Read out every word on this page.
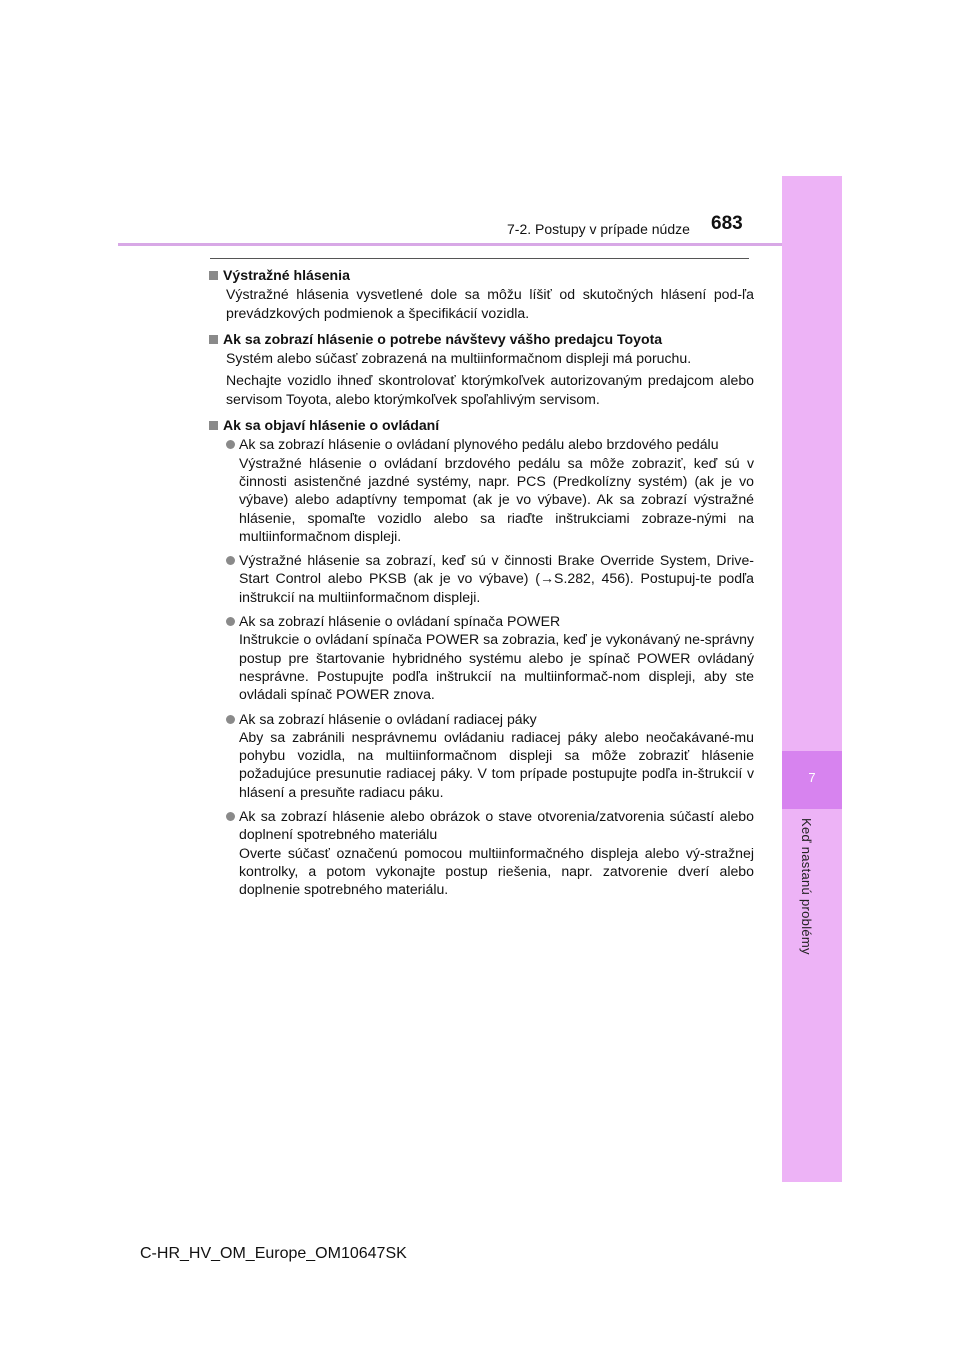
7
Keď nastanú problémy
7-2. Postupy v prípade núdze 683
Výstražné hlásenia
Výstražné hlásenia vysvetlené dole sa môžu líšiť od skutočných hlásení pod-ľa prevádzkových podmienok a špecifikácií vozidla.
Ak sa zobrazí hlásenie o potrebe návštevy vášho predajcu Toyota
Systém alebo súčasť zobrazená na multiinformačnom displeji má poruchu.
Nechajte vozidlo ihneď skontrolovať ktorýmkoľvek autorizovaným predajcom alebo servisom Toyota, alebo ktorýmkoľvek spoľahlivým servisom.
Ak sa objaví hlásenie o ovládaní
Ak sa zobrazí hlásenie o ovládaní plynového pedálu alebo brzdového pedálu
Výstražné hlásenie o ovládaní brzdového pedálu sa môže zobraziť, keď sú v činnosti asistenčné jazdné systémy, napr. PCS (Predkolízny systém) (ak je vo výbave) alebo adaptívny tempomat (ak je vo výbave). Ak sa zobrazí výstražné hlásenie, spomaľte vozidlo alebo sa riaďte inštrukciami zobraze-nými na multiinformačnom displeji.
Výstražné hlásenie sa zobrazí, keď sú v činnosti Brake Override System, Drive-Start Control alebo PKSB (ak je vo výbave) (→S.282, 456). Postupuj-te podľa inštrukcií na multiinformačnom displeji.
Ak sa zobrazí hlásenie o ovládaní spínača POWER
Inštrukcie o ovládaní spínača POWER sa zobrazia, keď je vykonávaný ne-správny postup pre štartovanie hybridného systému alebo je spínač POWER ovládaný nesprávne. Postupujte podľa inštrukcií na multiinformač-nom displeji, aby ste ovládali spínač POWER znova.
Ak sa zobrazí hlásenie o ovládaní radiacej páky
Aby sa zabránili nesprávnemu ovládaniu radiacej páky alebo neočakávané-mu pohybu vozidla, na multiinformačnom displeji sa môže zobraziť hlásenie požadujúce presunutie radiacej páky. V tom prípade postupujte podľa in-štrukcií v hlásení a presuňte radiacu páku.
Ak sa zobrazí hlásenie alebo obrázok o stave otvorenia/zatvorenia súčastí alebo doplnení spotrebného materiálu
Overte súčasť označenú pomocou multiinformačného displeja alebo vý-stražnej kontrolky, a potom vykonajte postup riešenia, napr. zatvorenie dverí alebo doplnenie spotrebného materiálu.
C-HR_HV_OM_Europe_OM10647SK
